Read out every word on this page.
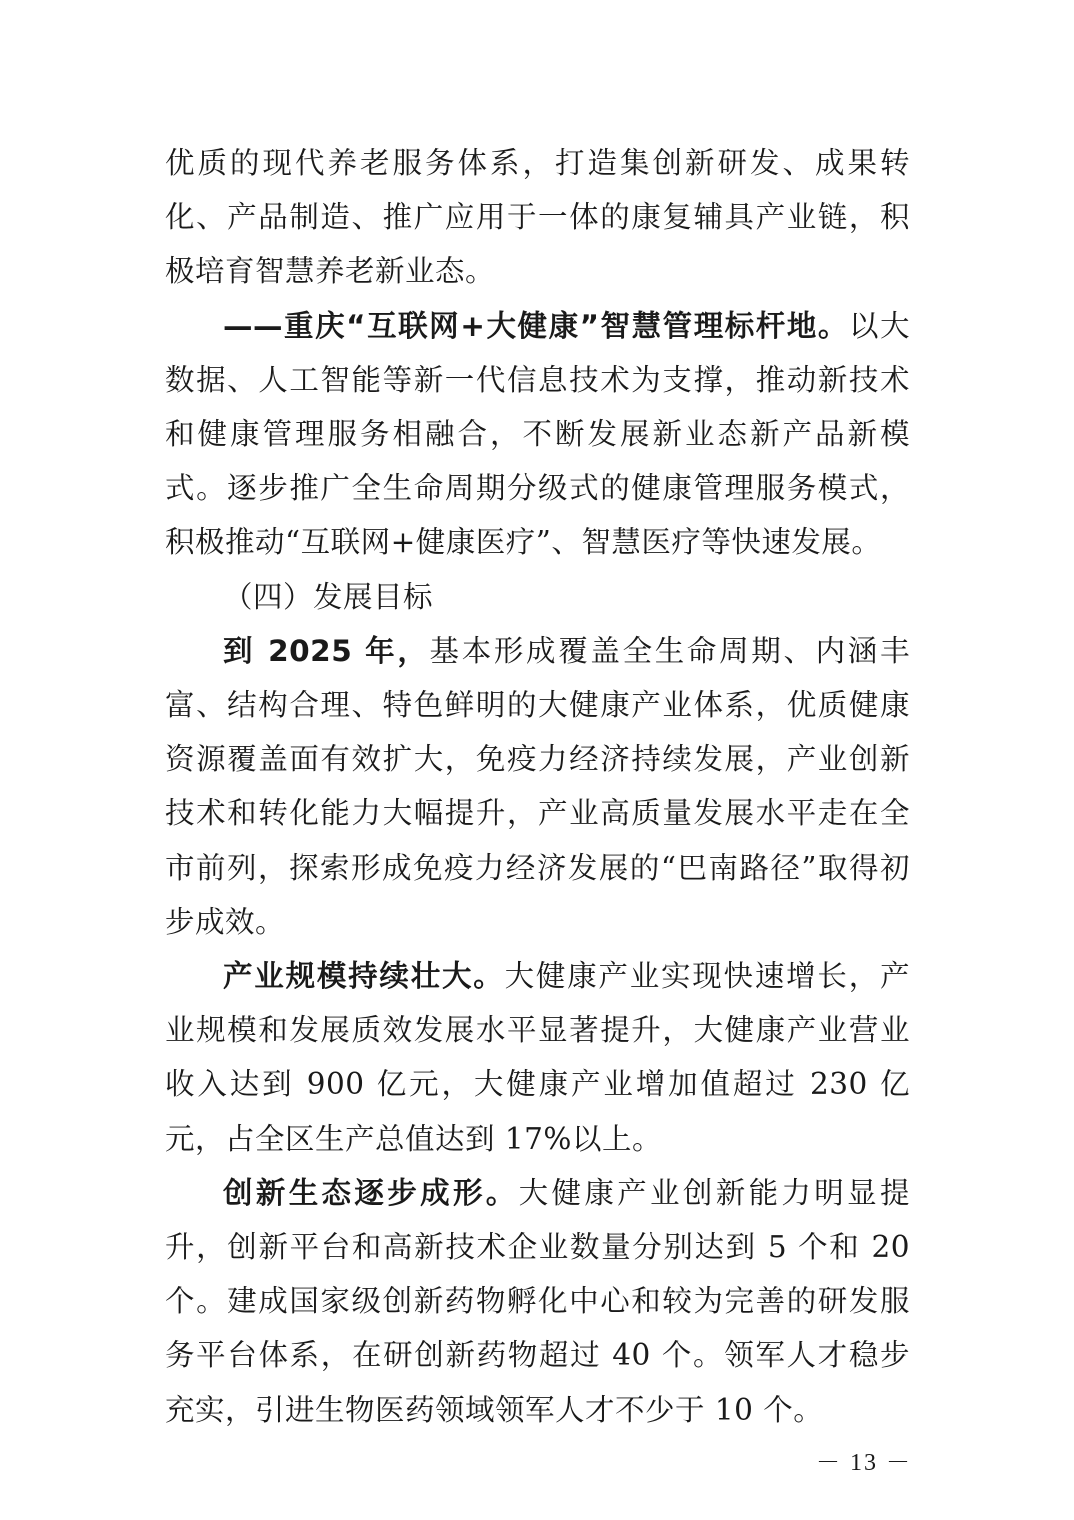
优质的现代养老服务体系，打造集创新研发、成果转化、产品制造、推广应用于一体的康复辅具产业链，积极培育智慧养老新业态。

——重庆“互联网+大健康”智慧管理标杆地。以大数据、人工智能等新一代信息技术为支撑，推动新技术和健康管理服务相融合，不断发展新业态新产品新模式。逐步推广全生命周期分级式的健康管理服务模式，积极推动“互联网+健康医疗”、智慧医疗等快速发展。

（四）发展目标

到 2025 年，基本形成覆盖全生命周期、内涵丰富、结构合理、特色鲜明的大健康产业体系，优质健康资源覆盖面有效扩大，免疫力经济持续发展，产业创新技术和转化能力大幅提升，产业高质量发展水平走在全市前列，探索形成免疫力经济发展的“巴南路径”取得初步成效。

产业规模持续壮大。大健康产业实现快速增长，产业规模和发展质效发展水平显著提升，大健康产业营业收入达到 900 亿元，大健康产业增加值超过 230 亿元，占全区生产总值达到 17%以上。

创新生态逐步成形。大健康产业创新能力明显提升，创新平台和高新技术企业数量分别达到 5 个和 20 个。建成国家级创新药物孵化中心和较为完善的研发服务平台体系，在研创新药物超过 40 个。领军人才稳步充实，引进生物医药领域领军人才不少于 10 个。

－ 13 －
